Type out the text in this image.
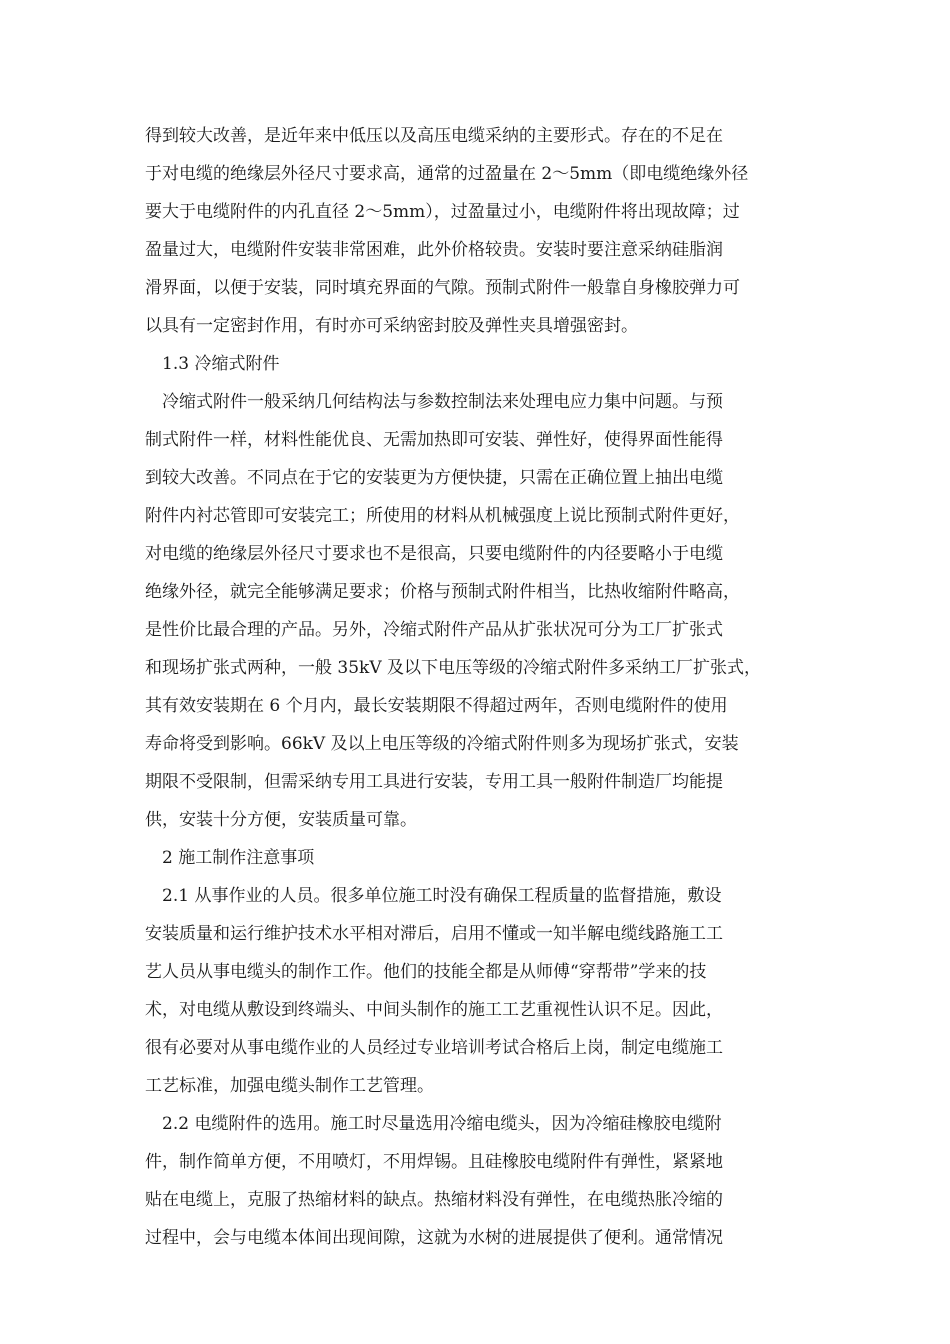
得到较大改善，是近年来中低压以及高压电缆采纳的主要形式。存在的不足在
于对电缆的绝缘层外径尺寸要求高，通常的过盈量在 2～5mm（即电缆绝缘外径
要大于电缆附件的内孔直径 2～5mm），过盈量过小，电缆附件将出现故障；过
盈量过大，电缆附件安装非常困难，此外价格较贵。安装时要注意采纳硅脂润
滑界面，以便于安装，同时填充界面的气隙。预制式附件一般靠自身橡胶弹力可
以具有一定密封作用，有时亦可采纳密封胶及弹性夹具增强密封。
1.3 冷缩式附件
冷缩式附件一般采纳几何结构法与参数控制法来处理电应力集中问题。与预
制式附件一样，材料性能优良、无需加热即可安装、弹性好，使得界面性能得
到较大改善。不同点在于它的安装更为方便快捷，只需在正确位置上抽出电缆
附件内衬芯管即可安装完工；所使用的材料从机械强度上说比预制式附件更好，
对电缆的绝缘层外径尺寸要求也不是很高，只要电缆附件的内径要略小于电缆
绝缘外径，就完全能够满足要求；价格与预制式附件相当，比热收缩附件略高，
是性价比最合理的产品。另外，冷缩式附件产品从扩张状况可分为工厂扩张式
和现场扩张式两种，一般 35kV 及以下电压等级的冷缩式附件多采纳工厂扩张式，
其有效安装期在 6 个月内，最长安装期限不得超过两年，否则电缆附件的使用
寿命将受到影响。66kV 及以上电压等级的冷缩式附件则多为现场扩张式，安装
期限不受限制，但需采纳专用工具进行安装，专用工具一般附件制造厂均能提
供，安装十分方便，安装质量可靠。
2 施工制作注意事项
2.1 从事作业的人员。很多单位施工时没有确保工程质量的监督措施，敷设
安装质量和运行维护技术水平相对滞后，启用不懂或一知半解电缆线路施工工
艺人员从事电缆头的制作工作。他们的技能全都是从师傅“穿帮带”学来的技
术，对电缆从敷设到终端头、中间头制作的施工工艺重视性认识不足。因此，
很有必要对从事电缆作业的人员经过专业培训考试合格后上岗，制定电缆施工
工艺标准，加强电缆头制作工艺管理。
2.2 电缆附件的选用。施工时尽量选用冷缩电缆头，因为冷缩硅橡胶电缆附
件，制作简单方便，不用喷灯，不用焊锡。且硅橡胶电缆附件有弹性，紧紧地
贴在电缆上，克服了热缩材料的缺点。热缩材料没有弹性，在电缆热胀冷缩的
过程中，会与电缆本体间出现间隙，这就为水树的进展提供了便利。通常情况
